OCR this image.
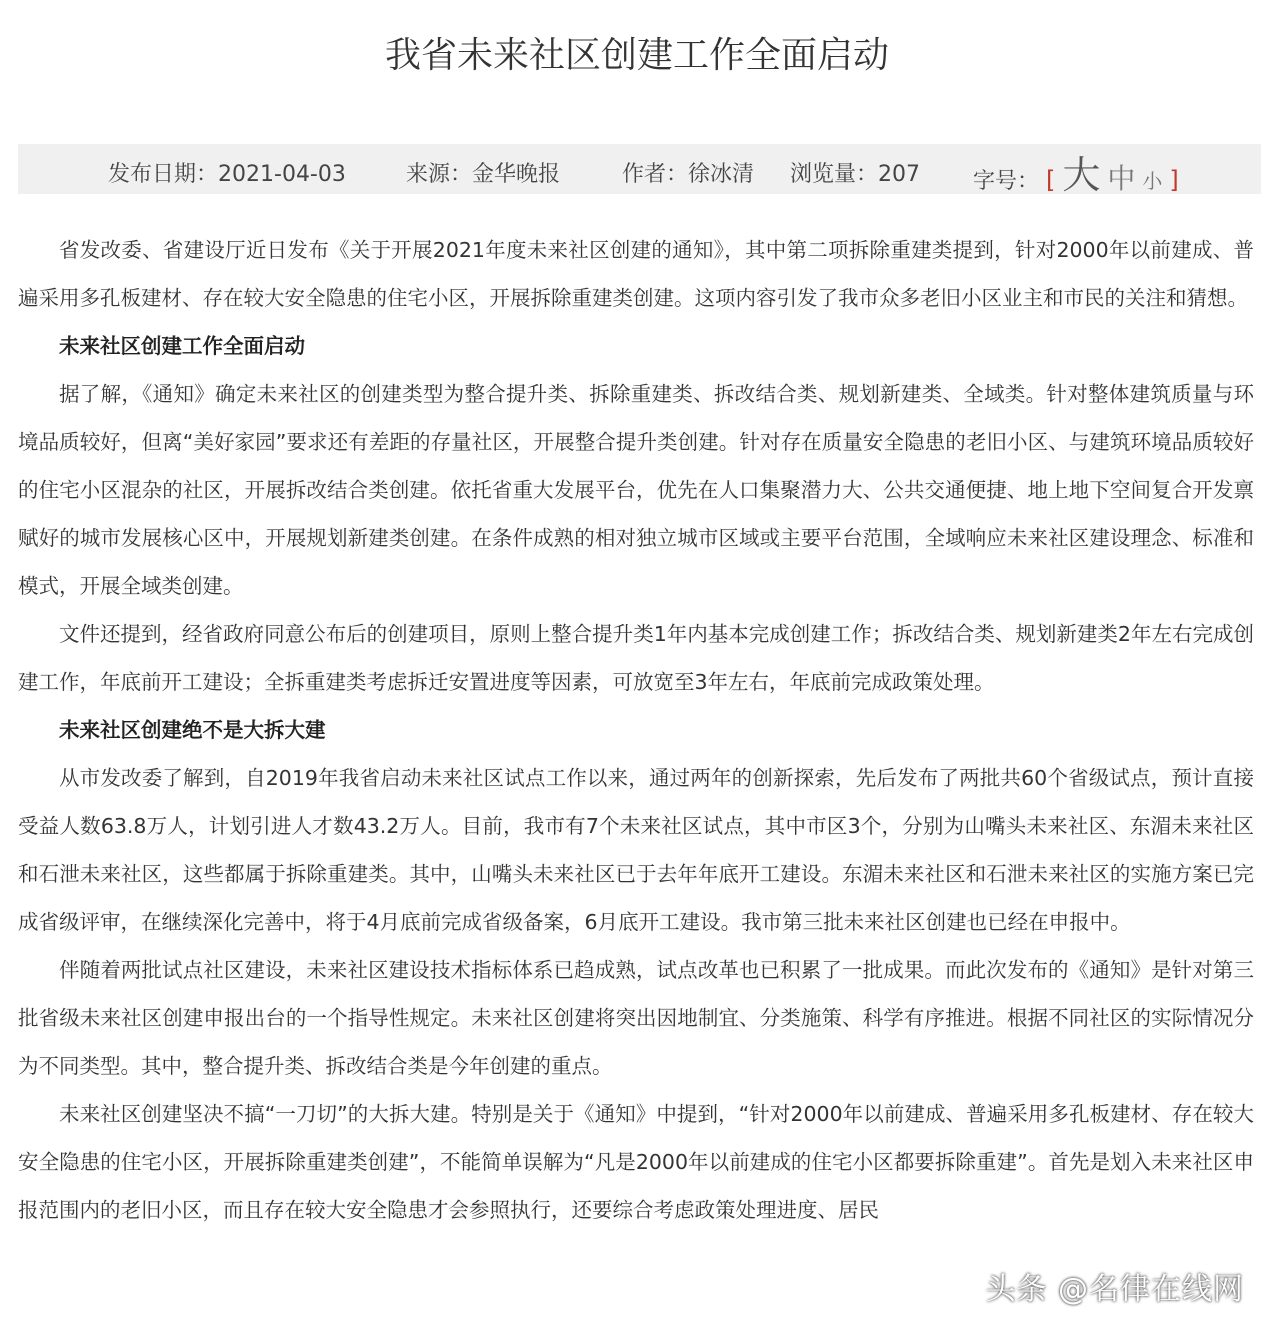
我省未来社区创建工作全面启动
发布日期：2021-04-03	来源：金华晚报	作者：徐冰清 浏览量：207 字号： [ 大 中 小 ]

省发改委、省建设厅近日发布《关于开展2021年度未来社区创建的通知》，其中第二项拆除重建类提到，针对2000年以前建成、普遍采用多孔板建材、存在较大安全隐患的住宅小区，开展拆除重建类创建。这项内容引发了我市众多老旧小区业主和市民的关注和猜想。

未来社区创建工作全面启动

据了解，《通知》确定未来社区的创建类型为整合提升类、拆除重建类、拆改结合类、规划新建类、全域类。针对整体建筑质量与环境品质较好，但离“美好家园”要求还有差距的存量社区，开展整合提升类创建。针对存在质量安全隐患的老旧小区、与建筑环境品质较好的住宅小区混杂的社区，开展拆改结合类创建。依托省重大发展平台，优先在人口集聚潜力大、公共交通便捷、地上地下空间复合开发禀赋好的城市发展核心区中，开展规划新建类创建。在条件成熟的相对独立城市区域或主要平台范围，全域响应未来社区建设理念、标准和模式，开展全域类创建。

文件还提到，经省政府同意公布后的创建项目，原则上整合提升类1年内基本完成创建工作；拆改结合类、规划新建类2年左右完成创建工作，年底前开工建设；全拆重建类考虑拆迁安置进度等因素，可放宽至3年左右，年底前完成政策处理。

未来社区创建绝不是大拆大建

从市发改委了解到，自2019年我省启动未来社区试点工作以来，通过两年的创新探索，先后发布了两批共60个省级试点，预计直接受益人数63.8万人，计划引进人才数43.2万人。目前，我市有7个未来社区试点，其中市区3个，分别为山嘴头未来社区、东湄未来社区和石泄未来社区，这些都属于拆除重建类。其中，山嘴头未来社区已于去年年底开工建设。东湄未来社区和石泄未来社区的实施方案已完成省级评审，在继续深化完善中，将于4月底前完成省级备案，6月底开工建设。我市第三批未来社区创建也已经在申报中。

伴随着两批试点社区建设，未来社区建设技术指标体系已趋成熟，试点改革也已积累了一批成果。而此次发布的《通知》是针对第三批省级未来社区创建申报出台的一个指导性规定。未来社区创建将突出因地制宜、分类施策、科学有序推进。根据不同社区的实际情况分为不同类型。其中，整合提升类、拆改结合类是今年创建的重点。

未来社区创建坚决不搞“一刀切”的大拆大建。特别是关于《通知》中提到，“针对2000年以前建成、普遍采用多孔板建材、存在较大安全隐患的住宅小区，开展拆除重建类创建”，不能简单误解为“凡是2000年以前建成的住宅小区都要拆除重建”。首先是划入未来社区申报范围内的老旧小区，而且存在较大安全隐患才会参照执行，还要综合考虑政策处理进度、居民

头条 @名律在线网
